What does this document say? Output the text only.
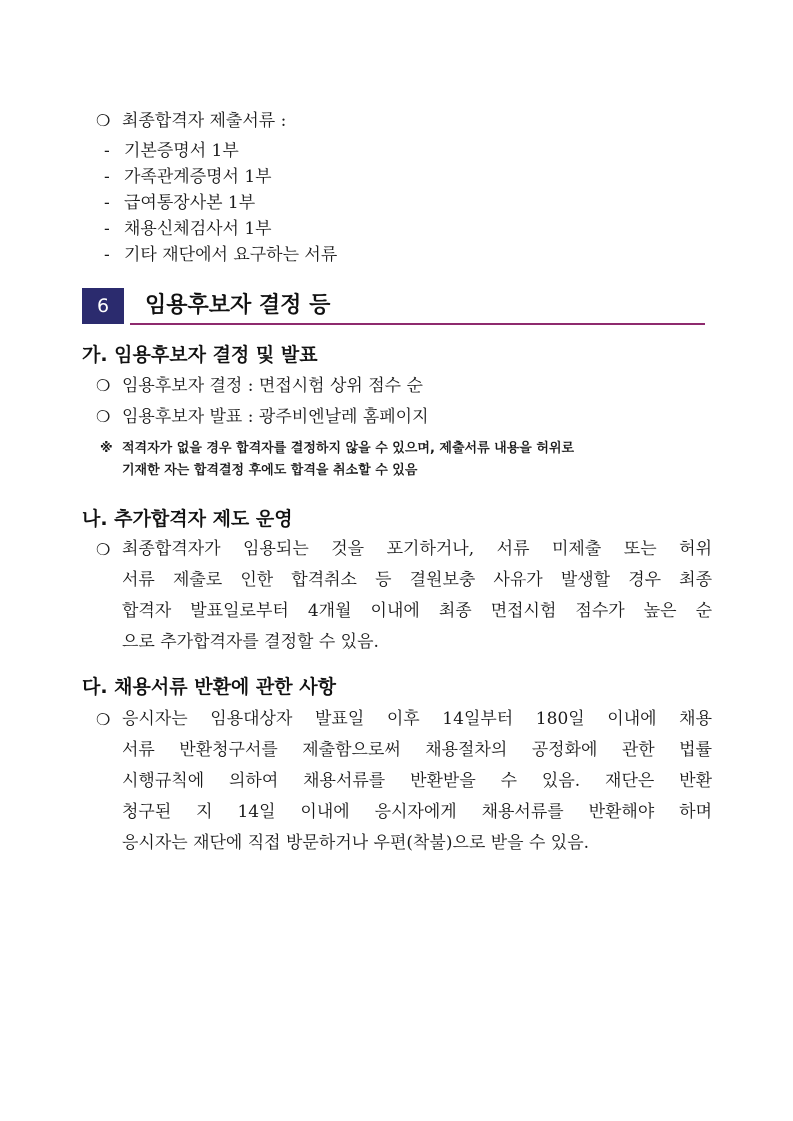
❍ 최종합격자 제출서류 :
- 기본증명서 1부
- 가족관계증명서 1부
- 급여통장사본 1부
- 채용신체검사서 1부
- 기타 재단에서 요구하는 서류
6	임용후보자 결정 등
가. 임용후보자 결정 및 발표
❍ 임용후보자 결정 : 면접시험 상위 점수 순
❍ 임용후보자 발표 : 광주비엔날레 홈페이지
※ 적격자가 없을 경우 합격자를 결정하지 않을 수 있으며, 제출서류 내용을 허위로
기재한 자는 합격결정 후에도 합격을 취소할 수 있음
나. 추가합격자 제도 운영
❍ 최종합격자가 임용되는 것을 포기하거나, 서류 미제출 또는 허위
서류 제출로 인한 합격취소 등 결원보충 사유가 발생할 경우 최종
합격자 발표일로부터 4개월 이내에 최종 면접시험 점수가 높은 순
으로 추가합격자를 결정할 수 있음.
다. 채용서류 반환에 관한 사항
❍ 응시자는 임용대상자 발표일 이후 14일부터 180일 이내에 채용
서류 반환청구서를 제출함으로써 채용절차의 공정화에 관한 법률
시행규칙에 의하여 채용서류를 반환받을 수 있음. 재단은 반환
청구된 지 14일 이내에 응시자에게 채용서류를 반환해야 하며
응시자는 재단에 직접 방문하거나 우편(착불)으로 받을 수 있음.
